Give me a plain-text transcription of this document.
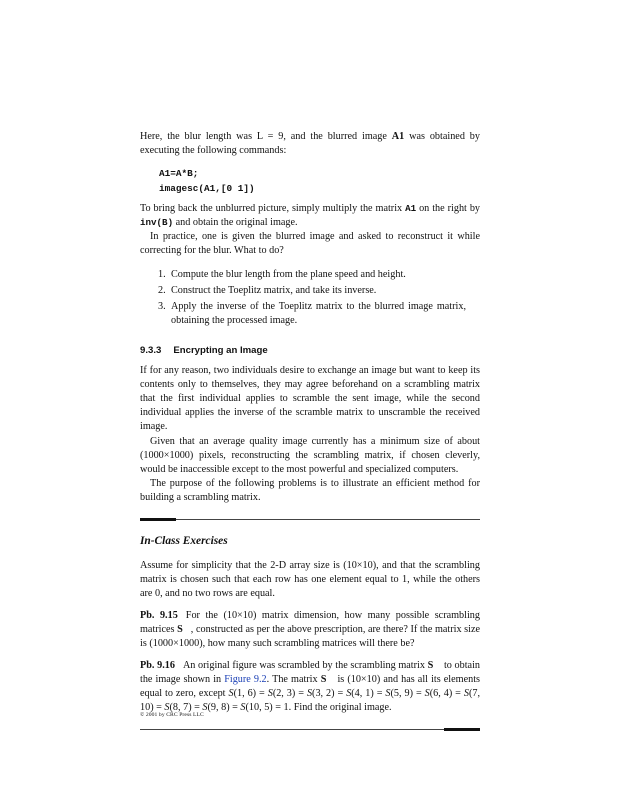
Here, the blur length was L = 9, and the blurred image A1 was obtained by executing the following commands:

A1=A*B;
imagesc(A1,[0 1])

To bring back the unblurred picture, simply multiply the matrix A1 on the right by inv(B) and obtain the original image.

In practice, one is given the blurred image and asked to reconstruct it while correcting for the blur. What to do?

1. Compute the blur length from the plane speed and height.
2. Construct the Toeplitz matrix, and take its inverse.
3. Apply the inverse of the Toeplitz matrix to the blurred image matrix, obtaining the processed image.
9.3.3 Encrypting an Image

If for any reason, two individuals desire to exchange an image but want to keep its contents only to themselves, they may agree beforehand on a scrambling matrix that the first individual applies to scramble the sent image, while the second individual applies the inverse of the scramble matrix to unscramble the received image.

Given that an average quality image currently has a minimum size of about (1000×1000) pixels, reconstructing the scrambling matrix, if chosen cleverly, would be inaccessible except to the most powerful and specialized computers.

The purpose of the following problems is to illustrate an efficient method for building a scrambling matrix.

In-Class Exercises

Assume for simplicity that the 2-D array size is (10×10), and that the scrambling matrix is chosen such that each row has one element equal to 1, while the others are 0, and no two rows are equal.

Pb. 9.15 For the (10×10) matrix dimension, how many possible scrambling matrices S , constructed as per the above prescription, are there? If the matrix size is (1000×1000), how many such scrambling matrices will there be?

Pb. 9.16 An original figure was scrambled by the scrambling matrix S to obtain the image shown in Figure 9.2. The matrix S is (10×10) and has all its elements equal to zero, except S(1, 6) = S(2, 3) = S(3, 2) = S(4, 1) = S(5, 9) = S(6, 4) = S(7, 10) = S(8, 7) = S(9, 8) = S(10, 5) = 1. Find the original image.

© 2001 by CRC Press LLC
